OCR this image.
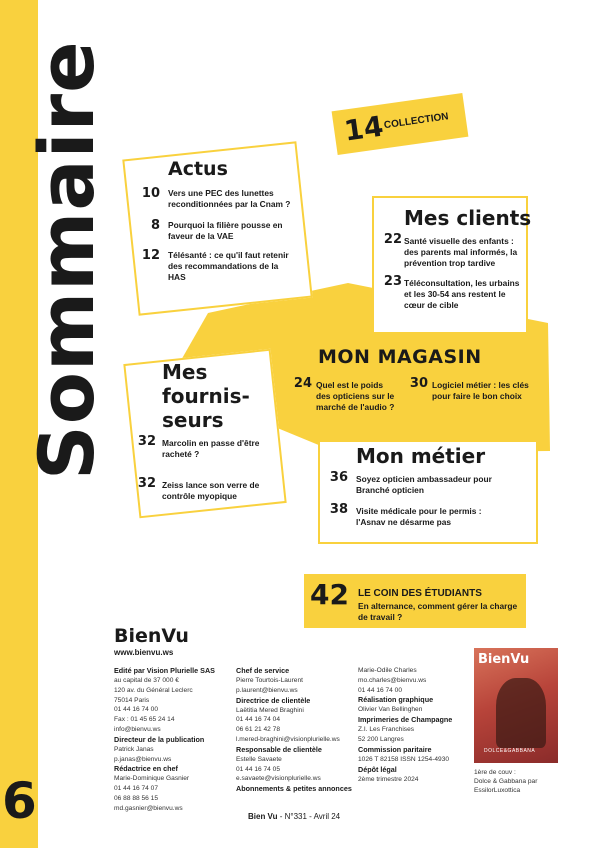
Sommaire
6
14
COLLECTION
Actus
10 Vers une PEC des lunettes reconditionnées par la Cnam ?
8 Pourquoi la filière pousse en faveur de la VAE
12 Télésanté : ce qu'il faut retenir des recommandations de la HAS
Mes clients
22 Santé visuelle des enfants : des parents mal informés, la prévention trop tardive
23 Téléconsultation, les urbains et les 30-54 ans restent le cœur de cible
MON MAGASIN
24 Quel est le poids des opticiens sur le marché de l'audio ?
30 Logiciel métier : les clés pour faire le bon choix
Mes
fournis-
seurs
32 Marcolin en passe d'être racheté ?
32 Zeiss lance son verre de contrôle myopique
Mon métier
36 Soyez opticien ambassadeur pour Branché opticien
38 Visite médicale pour le permis : l'Asnav ne désarme pas
42 LE COIN DES ÉTUDIANTS
En alternance, comment gérer la charge de travail ?
BienVu
www.bienvu.ws
Edité par Vision Plurielle SAS
au capital de 37 000 €
120 av. du Général Leclerc
75014 Paris
01 44 16 74 00
Fax : 01 45 65 24 14
info@bienvu.ws
Directeur de la publication
Patrick Janas
p.janas@bienvu.ws
Rédactrice en chef
Marie-Dominique Gasnier
01 44 16 74 07
06 88 88 56 15
md.gasnier@bienvu.ws
Chef de service
Pierre Tourtois-Laurent
p.laurent@bienvu.ws
Directrice de clientèle
Laëtitia Mered Braghini
01 44 16 74 04
06 61 21 42 78
l.mered-braghini@visionplurielle.ws
Responsable de clientèle
Estelle Savaete
01 44 16 74 05
e.savaete@visionplurielle.ws
Abonnements & petites annonces
Marie-Odile Charles
mo.charles@bienvu.ws
01 44 16 74 00
Réalisation graphique
Olivier Van Bellinghen
Imprimeries de Champagne
Z.I. Les Franchises
52 200 Langres
Commission paritaire
1026 T 82158 ISSN 1254-4930
Dépôt légal
2ème trimestre 2024
BienVu
DOLCE&GABBANA
1ère de couv :
Dolce & Gabbana par
EssilorLuxottica
Bien Vu - N°331 - Avril 24
